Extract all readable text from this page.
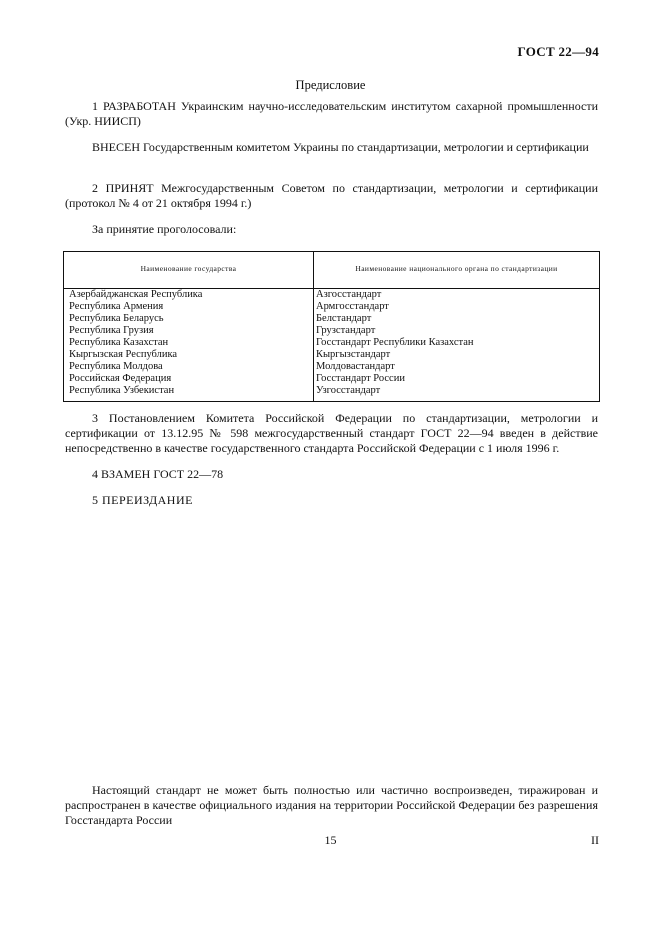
ГОСТ 22—94
Предисловие
1 РАЗРАБОТАН Украинским научно-исследовательским институтом сахарной промышленности (Укр. НИИСП)
ВНЕСЕН Государственным комитетом Украины по стандартизации, метрологии и сертификации
2 ПРИНЯТ Межгосударственным Советом по стандартизации, метрологии и сертификации (протокол № 4 от 21 октября 1994 г.)
За принятие проголосовали:
Наименование государства	Наименование национального органа по стандартизации
Азербайджанская Республика
Республика Армения
Республика Беларусь
Республика Грузия
Республика Казахстан
Кыргызская Республика
Республика Молдова
Российская Федерация
Республика Узбекистан
Азгосстандарт
Армгосстандарт
Белстандарт
Грузстандарт
Госстандарт Республики Казахстан
Кыргызстандарт
Молдовастандарт
Госстандарт России
Узгосстандарт
3 Постановлением Комитета Российской Федерации по стандартизации, метрологии и сертификации от 13.12.95 № 598 межгосударственный стандарт ГОСТ 22—94 введен в действие непосредственно в качестве государственного стандарта Российской Федерации с 1 июля 1996 г.
4 ВЗАМЕН ГОСТ 22—78
5 ПЕРЕИЗДАНИЕ
Настоящий стандарт не может быть полностью или частично воспроизведен, тиражирован и распространен в качестве официального издания на территории Российской Федерации без разрешения Госстандарта России
15	II
